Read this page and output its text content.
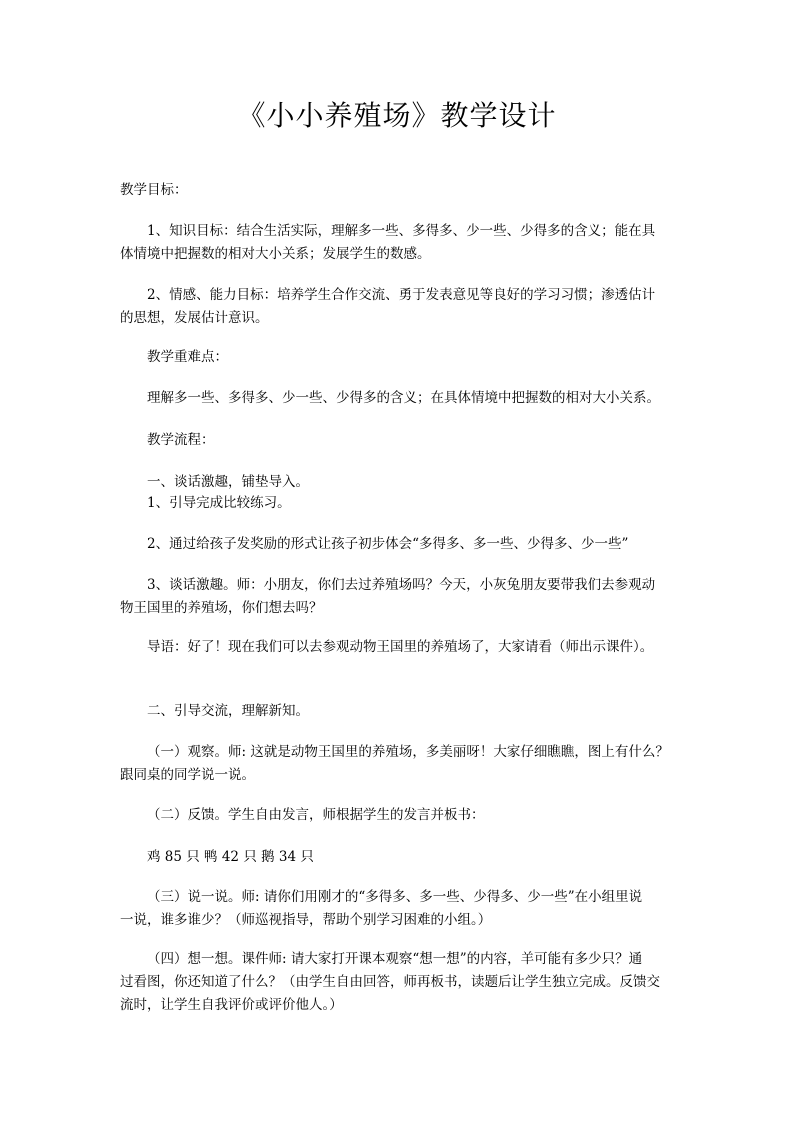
《小小养殖场》教学设计
教学目标：
1、知识目标：结合生活实际，理解多一些、多得多、少一些、少得多的含义；能在具
体情境中把握数的相对大小关系；发展学生的数感。
2、情感、能力目标：培养学生合作交流、勇于发表意见等良好的学习习惯；渗透估计
的思想，发展估计意识。
教学重难点：
理解多一些、多得多、少一些、少得多的含义；在具体情境中把握数的相对大小关系。
教学流程：
一、谈话激趣，铺垫导入。
1、引导完成比较练习。
2、通过给孩子发奖励的形式让孩子初步体会“多得多、多一些、少得多、少一些”
3、谈话激趣。师：小朋友，你们去过养殖场吗？今天，小灰兔朋友要带我们去参观动
物王国里的养殖场，你们想去吗？
导语：好了！现在我们可以去参观动物王国里的养殖场了，大家请看（师出示课件）。
二、引导交流，理解新知。
（一）观察。师: 这就是动物王国里的养殖场，多美丽呀！大家仔细瞧瞧，图上有什么？
跟同桌的同学说一说。
（二）反馈。学生自由发言，师根据学生的发言并板书：
鸡 85 只 鸭 42 只 鹅 34 只
（三）说一说。师: 请你们用刚才的“多得多、多一些、少得多、少一些”在小组里说
一说，谁多谁少？（师巡视指导，帮助个别学习困难的小组。）
（四）想一想。课件师: 请大家打开课本观察“想一想”的内容，羊可能有多少只？通
过看图，你还知道了什么？（由学生自由回答，师再板书，读题后让学生独立完成。反馈交
流时，让学生自我评价或评价他人。）
